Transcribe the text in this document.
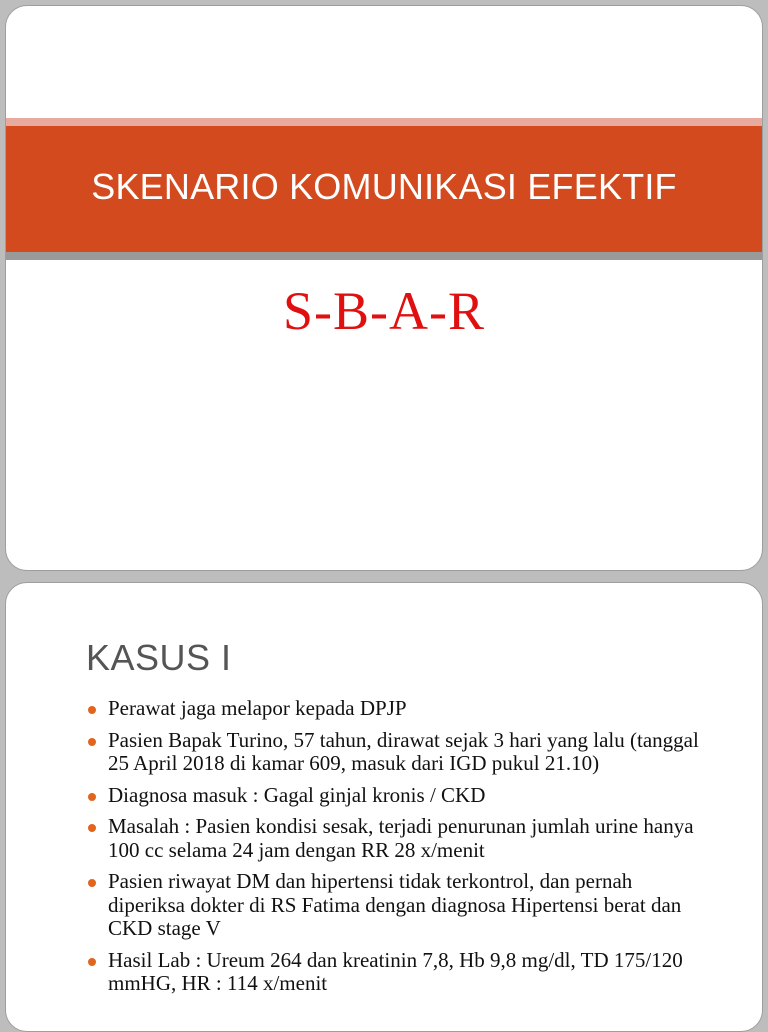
SKENARIO KOMUNIKASI EFEKTIF
S-B-A-R
KASUS I
Perawat jaga melapor kepada DPJP
Pasien Bapak Turino, 57 tahun, dirawat sejak 3 hari yang lalu (tanggal 25 April 2018 di kamar 609, masuk dari IGD pukul 21.10)
Diagnosa masuk : Gagal ginjal kronis / CKD
Masalah : Pasien kondisi sesak, terjadi penurunan jumlah urine hanya 100 cc selama 24 jam dengan RR 28 x/menit
Pasien riwayat DM dan hipertensi tidak terkontrol, dan pernah diperiksa dokter di RS Fatima dengan diagnosa Hipertensi berat dan CKD stage V
Hasil Lab : Ureum 264 dan kreatinin 7,8, Hb 9,8 mg/dl, TD 175/120 mmHG, HR : 114 x/menit
